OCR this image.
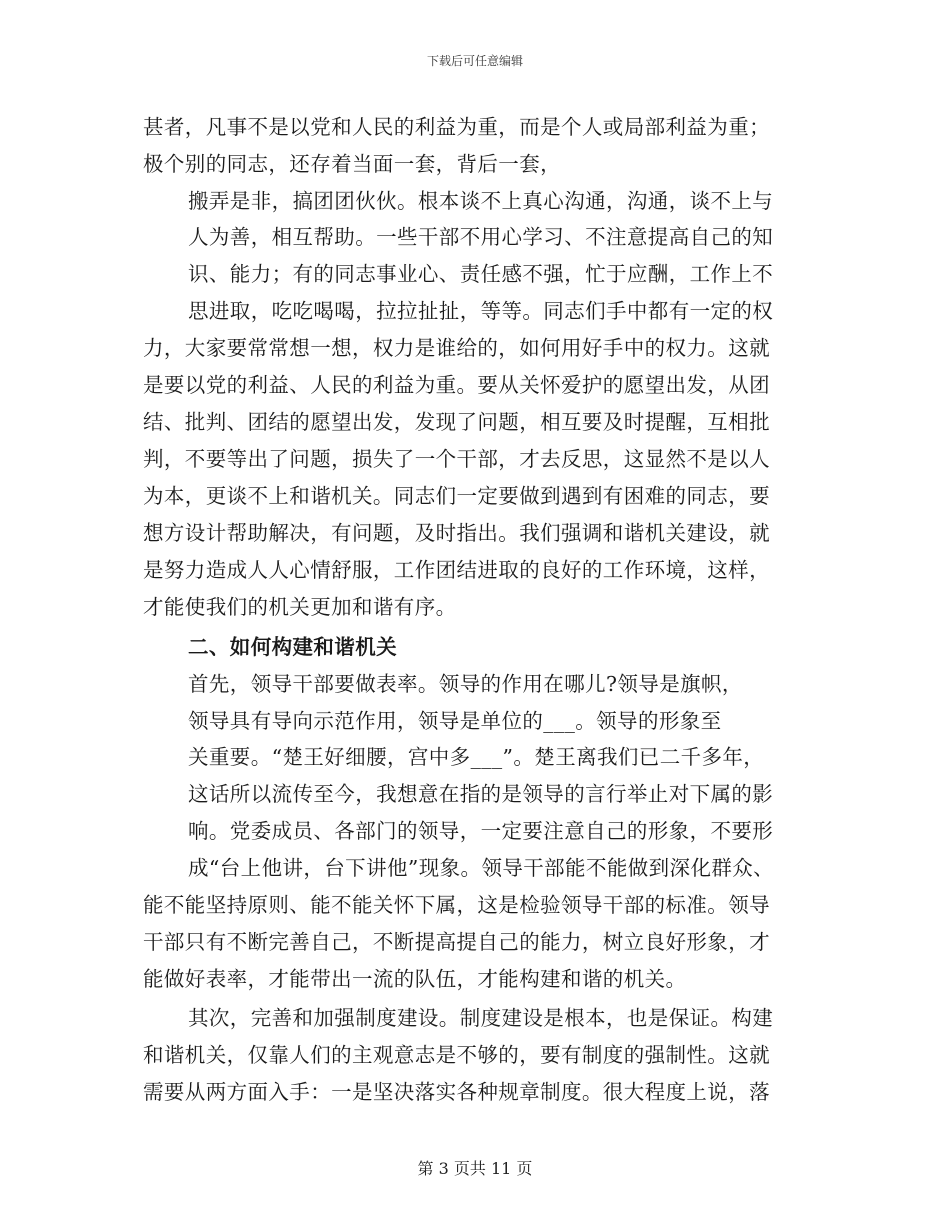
下载后可任意编辑
甚者，凡事不是以党和人民的利益为重，而是个人或局部利益为重；
极个别的同志，还存着当面一套，背后一套，
搬弄是非，搞团团伙伙。根本谈不上真心沟通，沟通，谈不上与
人为善，相互帮助。一些干部不用心学习、不注意提高自己的知
识、能力；有的同志事业心、责任感不强，忙于应酬，工作上不
思进取，吃吃喝喝，拉拉扯扯，等等。同志们手中都有一定的权
力，大家要常常想一想，权力是谁给的，如何用好手中的权力。这就
是要以党的利益、人民的利益为重。要从关怀爱护的愿望出发，从团
结、批判、团结的愿望出发，发现了问题，相互要及时提醒，互相批
判，不要等出了问题，损失了一个干部，才去反思，这显然不是以人
为本，更谈不上和谐机关。同志们一定要做到遇到有困难的同志，要
想方设计帮助解决，有问题，及时指出。我们强调和谐机关建设，就
是努力造成人人心情舒服，工作团结进取的良好的工作环境，这样，
才能使我们的机关更加和谐有序。
二、如何构建和谐机关
首先，领导干部要做表率。领导的作用在哪儿?领导是旗帜，
领导具有导向示范作用，领导是单位的___。领导的形象至
关重要。“楚王好细腰，宫中多___”。楚王离我们已二千多年，
这话所以流传至今，我想意在指的是领导的言行举止对下属的影
响。党委成员、各部门的领导，一定要注意自己的形象，不要形
成“台上他讲，台下讲他”现象。领导干部能不能做到深化群众、
能不能坚持原则、能不能关怀下属，这是检验领导干部的标准。领导
干部只有不断完善自己，不断提高提自己的能力，树立良好形象，才
能做好表率，才能带出一流的队伍，才能构建和谐的机关。
其次，完善和加强制度建设。制度建设是根本，也是保证。构建
和谐机关，仅靠人们的主观意志是不够的，要有制度的强制性。这就
需要从两方面入手：一是坚决落实各种规章制度。很大程度上说，落
第 3 页共 11 页
